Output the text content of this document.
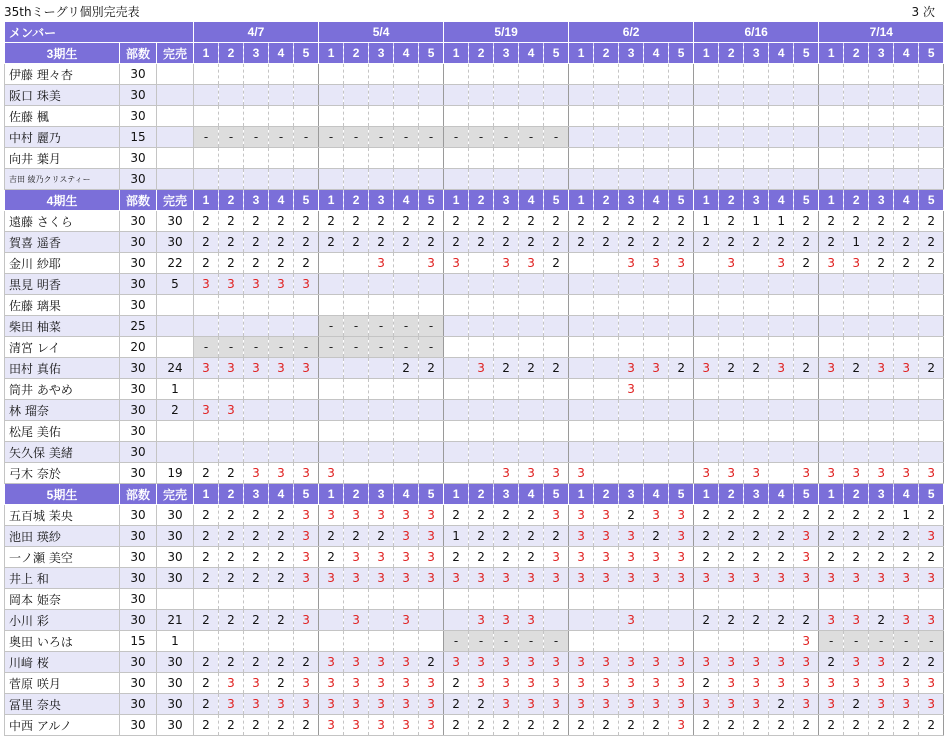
35thミーグリ個別完売表	3 次
メンバー			4/7					5/4					5/19					6/2					6/16					7/14				
3期生	部数	完売	1	2	3	4	5	1	2	3	4	5	1	2	3	4	5	1	2	3	4	5	1	2	3	4	5	1	2	3	4	5
伊藤 理々杏	30																															
阪口 珠美	30																															
佐藤 楓	30																															
中村 麗乃	15		-	-	-	-	-	-	-	-	-	-	-	-	-	-	-															
向井 葉月	30																															
吉田 綾乃クリスティー	30																															
4期生	部数	完売	1	2	3	4	5	1	2	3	4	5	1	2	3	4	5	1	2	3	4	5	1	2	3	4	5	1	2	3	4	5
遠藤 さくら	30	30	2	2	2	2	2	2	2	2	2	2	2	2	2	2	2	2	2	2	2	2	1	2	1	1	2	2	2	2	2	2
賀喜 遥香	30	30	2	2	2	2	2	2	2	2	2	2	2	2	2	2	2	2	2	2	2	2	2	2	2	2	2	2	1	2	2	2
金川 紗耶	30	22	2	2	2	2	2			3		3	3		3	3	2			3	3	3		3		3	2	3	3	2	2	2
黒見 明香	30	5	3	3	3	3	3																									
佐藤 璃果	30																															
柴田 柚菜	25							-	-	-	-	-																				
清宮 レイ	20		-	-	-	-	-	-	-	-	-	-																				
田村 真佑	30	24	3	3	3	3	3				2	2		3	2	2	2			3	3	2	3	2	2	3	2	3	2	3	3	2
筒井 あやめ	30	1																		3												
林 瑠奈	30	2	3	3																												
松尾 美佑	30																															
矢久保 美緒	30																															
弓木 奈於	30	19	2	2	3	3	3	3							3	3	3	3					3	3	3		3	3	3	3	3	3
5期生	部数	完売	1	2	3	4	5	1	2	3	4	5	1	2	3	4	5	1	2	3	4	5	1	2	3	4	5	1	2	3	4	5
五百城 茉央	30	30	2	2	2	2	3	3	3	3	3	3	2	2	2	2	3	3	3	2	3	3	2	2	2	2	2	2	2	2	1	2
池田 瑛紗	30	30	2	2	2	2	3	2	2	2	3	3	1	2	2	2	2	3	3	3	2	3	2	2	2	2	3	2	2	2	2	3
一ノ瀬 美空	30	30	2	2	2	2	3	2	3	3	3	3	2	2	2	2	3	3	3	3	3	3	2	2	2	2	3	2	2	2	2	2
井上 和	30	30	2	2	2	2	3	3	3	3	3	3	3	3	3	3	3	3	3	3	3	3	3	3	3	3	3	3	3	3	3	3
岡本 姫奈	30																															
小川 彩	30	21	2	2	2	2	3		3		3			3	3	3				3			2	2	2	2	2	3	3	2	3	3
奥田 いろは	15	1											-	-	-	-	-										3	-	-	-	-	-
川﨑 桜	30	30	2	2	2	2	2	3	3	3	3	2	3	3	3	3	3	3	3	3	3	3	3	3	3	3	3	2	3	3	2	2
菅原 咲月	30	30	2	3	3	2	3	3	3	3	3	3	2	3	3	3	3	3	3	3	3	3	2	3	3	3	3	3	3	3	3	3
冨里 奈央	30	30	2	3	3	3	3	3	3	3	3	3	2	2	3	3	3	3	3	3	3	3	3	3	3	2	3	3	2	3	3	3
中西 アルノ	30	30	2	2	2	2	2	3	3	3	3	3	2	2	2	2	2	2	2	2	2	3	2	2	2	2	2	2	2	2	2	2
